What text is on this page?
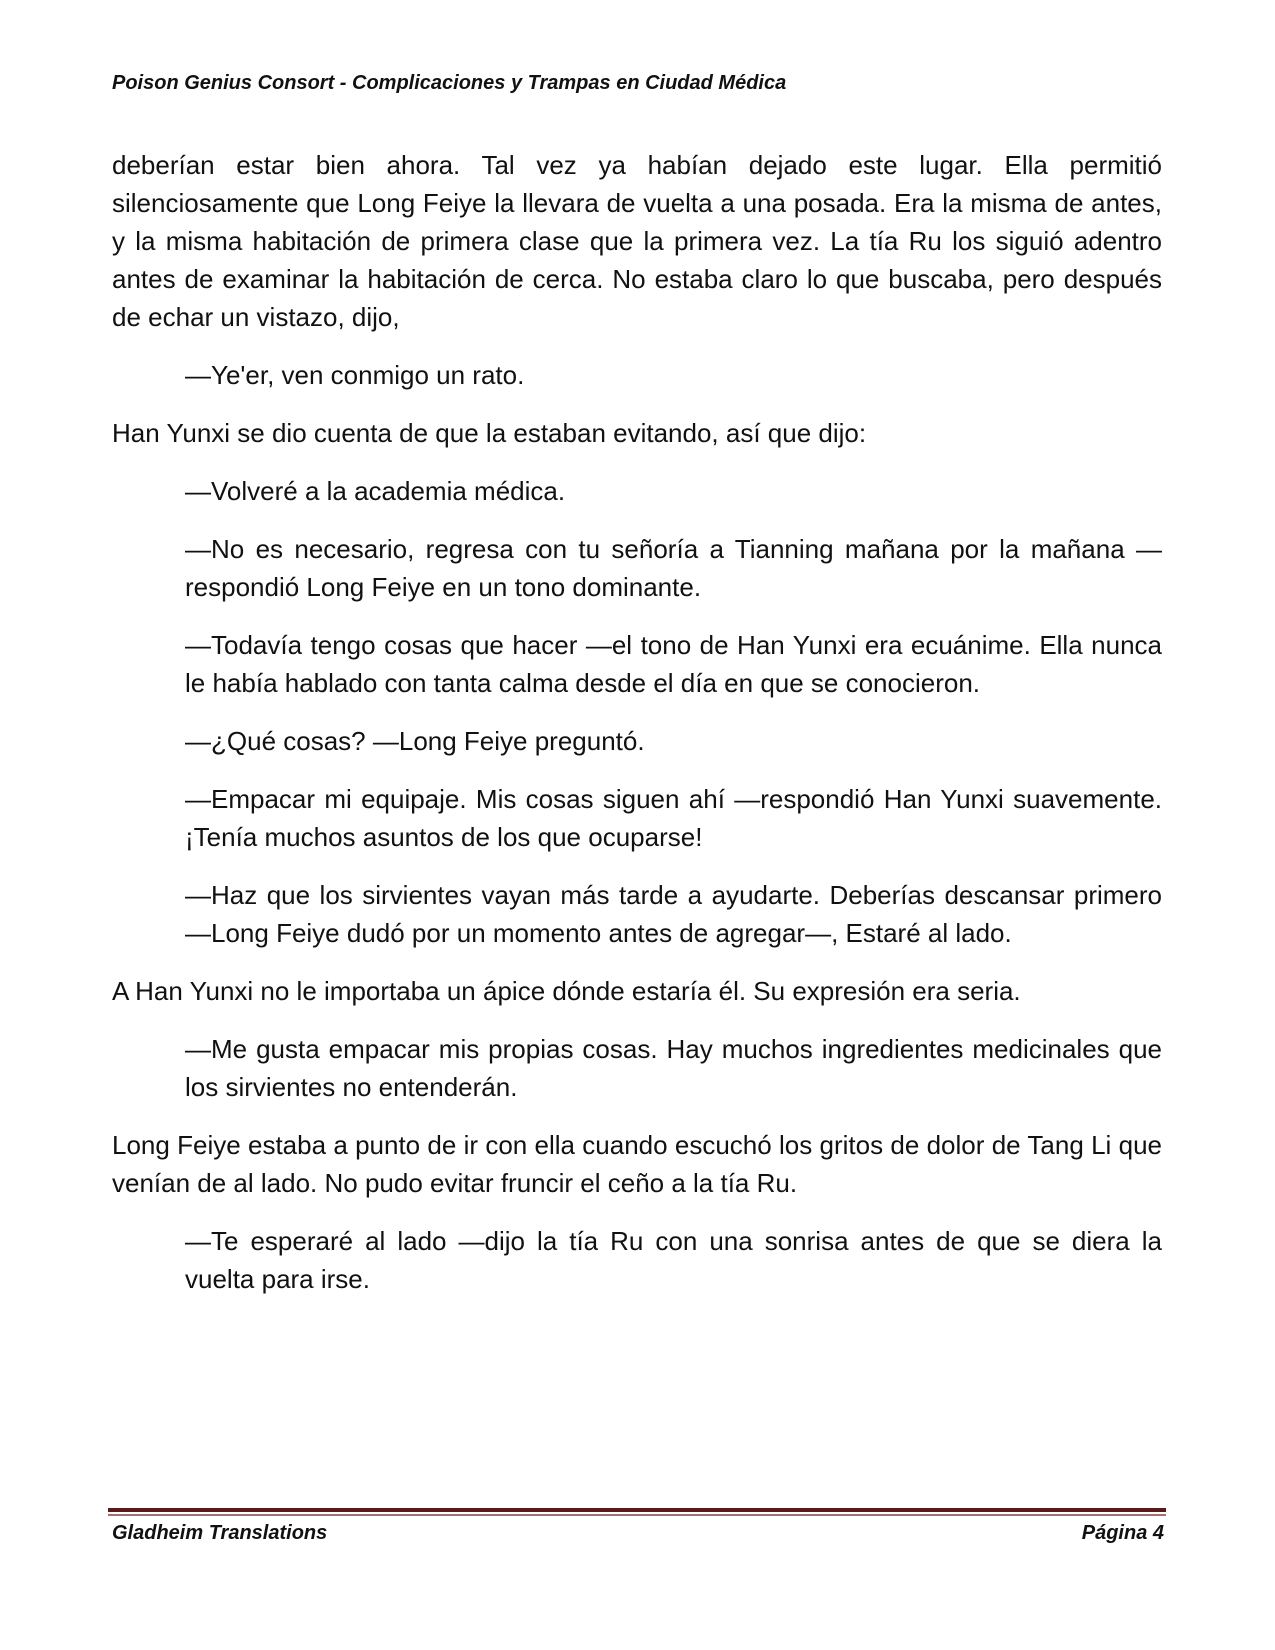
Poison Genius Consort - Complicaciones y Trampas en Ciudad Médica

deberían estar bien ahora. Tal vez ya habían dejado este lugar. Ella permitió silenciosamente que Long Feiye la llevara de vuelta a una posada. Era la misma de antes, y la misma habitación de primera clase que la primera vez. La tía Ru los siguió adentro antes de examinar la habitación de cerca. No estaba claro lo que buscaba, pero después de echar un vistazo, dijo,

—Ye'er, ven conmigo un rato.

Han Yunxi se dio cuenta de que la estaban evitando, así que dijo:

—Volveré a la academia médica.

—No es necesario, regresa con tu señoría a Tianning mañana por la mañana —respondió Long Feiye en un tono dominante.

—Todavía tengo cosas que hacer —el tono de Han Yunxi era ecuánime. Ella nunca le había hablado con tanta calma desde el día en que se conocieron.

—¿Qué cosas? —Long Feiye preguntó.

—Empacar mi equipaje. Mis cosas siguen ahí —respondió Han Yunxi suavemente. ¡Tenía muchos asuntos de los que ocuparse!

—Haz que los sirvientes vayan más tarde a ayudarte. Deberías descansar primero —Long Feiye dudó por un momento antes de agregar—, Estaré al lado.

A Han Yunxi no le importaba un ápice dónde estaría él. Su expresión era seria.

—Me gusta empacar mis propias cosas. Hay muchos ingredientes medicinales que los sirvientes no entenderán.

Long Feiye estaba a punto de ir con ella cuando escuchó los gritos de dolor de Tang Li que venían de al lado. No pudo evitar fruncir el ceño a la tía Ru.

—Te esperaré al lado —dijo la tía Ru con una sonrisa antes de que se diera la vuelta para irse.

Gladheim Translations	Página 4
